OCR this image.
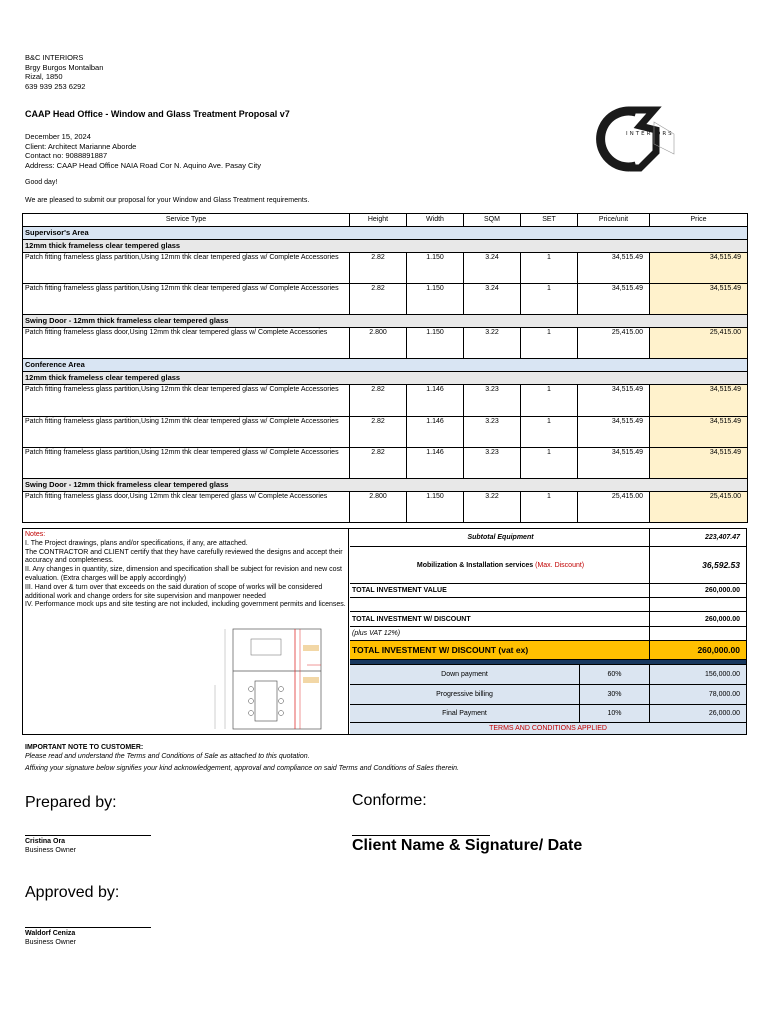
B&C INTERIORS
Brgy Burgos Montalban
Rizal, 1850
639 939 253 6292
CAAP Head Office - Window and Glass Treatment Proposal v7
December 15, 2024
Client: Architect Marianne Aborde
Contact no: 9088891887
Address: CAAP Head Office NAIA Road Cor N. Aquino Ave. Pasay City
Good day!
We are pleased to submit our proposal for your Window and Glass Treatment requirements.
INTERIORS
Service Type	Height	Width	SQM	SET	Price/unit	Price
Supervisor's Area						
12mm thick frameless clear tempered glass						
Patch fitting frameless glass partition,Using 12mm thk clear tempered glass w/ Complete Accessories	2.82	1.150	3.24	1	34,515.49	34,515.49
Patch fitting frameless glass partition,Using 12mm thk clear tempered glass w/ Complete Accessories	2.82	1.150	3.24	1	34,515.49	34,515.49
Swing Door - 12mm thick frameless clear tempered glass						
Patch fitting frameless glass door,Using 12mm thk clear tempered glass w/ Complete Accessories	2.800	1.150	3.22	1	25,415.00	25,415.00
Conference Area						
12mm thick frameless clear tempered glass						
Patch fitting frameless glass partition,Using 12mm thk clear tempered glass w/ Complete Accessories	2.82	1.146	3.23	1	34,515.49	34,515.49
Patch fitting frameless glass partition,Using 12mm thk clear tempered glass w/ Complete Accessories	2.82	1.146	3.23	1	34,515.49	34,515.49
Patch fitting frameless glass partition,Using 12mm thk clear tempered glass w/ Complete Accessories	2.82	1.146	3.23	1	34,515.49	34,515.49
Swing Door - 12mm thick frameless clear tempered glass						
Patch fitting frameless glass door,Using 12mm thk clear tempered glass w/ Complete Accessories	2.800	1.150	3.22	1	25,415.00	25,415.00
Notes:
I. The Project drawings, plans and/or specifications, if any, are attached.
The CONTRACTOR and CLIENT certify that they have carefully reviewed the designs and accept their accuracy and completeness.
II. Any changes in quantity, size, dimension and specification shall be subject for revision and new cost evaluation. (Extra charges will be apply accordingly)
III. Hand over & turn over that exceeds on the said duration of scope of works will be considered additional work and change orders for site supervision and manpower needed
IV. Performance mock ups and site testing are not included, including government permits and licenses.
Subtotal Equipment	223,407.47
Mobilization & Installation services
(Max. Discount)	36,592.53
TOTAL INVESTMENT VALUE	260,000.00
TOTAL INVESTMENT W/ DISCOUNT	260,000.00
(plus VAT 12%)
TOTAL INVESTMENT W/ DISCOUNT (vat ex)	260,000.00
Down payment	60%	156,000.00
Progressive billing	30%	78,000.00
Final Payment	10%	26,000.00
TERMS AND CONDITIONS APPLIED
IMPORTANT NOTE TO CUSTOMER:
Please read and understand the Terms and Conditions of Sale as attached to this quotation.
Affixing your signature below signifies your kind acknowledgement, approval and compliance on said Terms and Conditions of Sales therein.
Prepared by:	Conforme:
Cristina Ora
Business Owner	Client Name & Signature/ Date
Approved by:
Waldorf Ceniza
Business Owner
